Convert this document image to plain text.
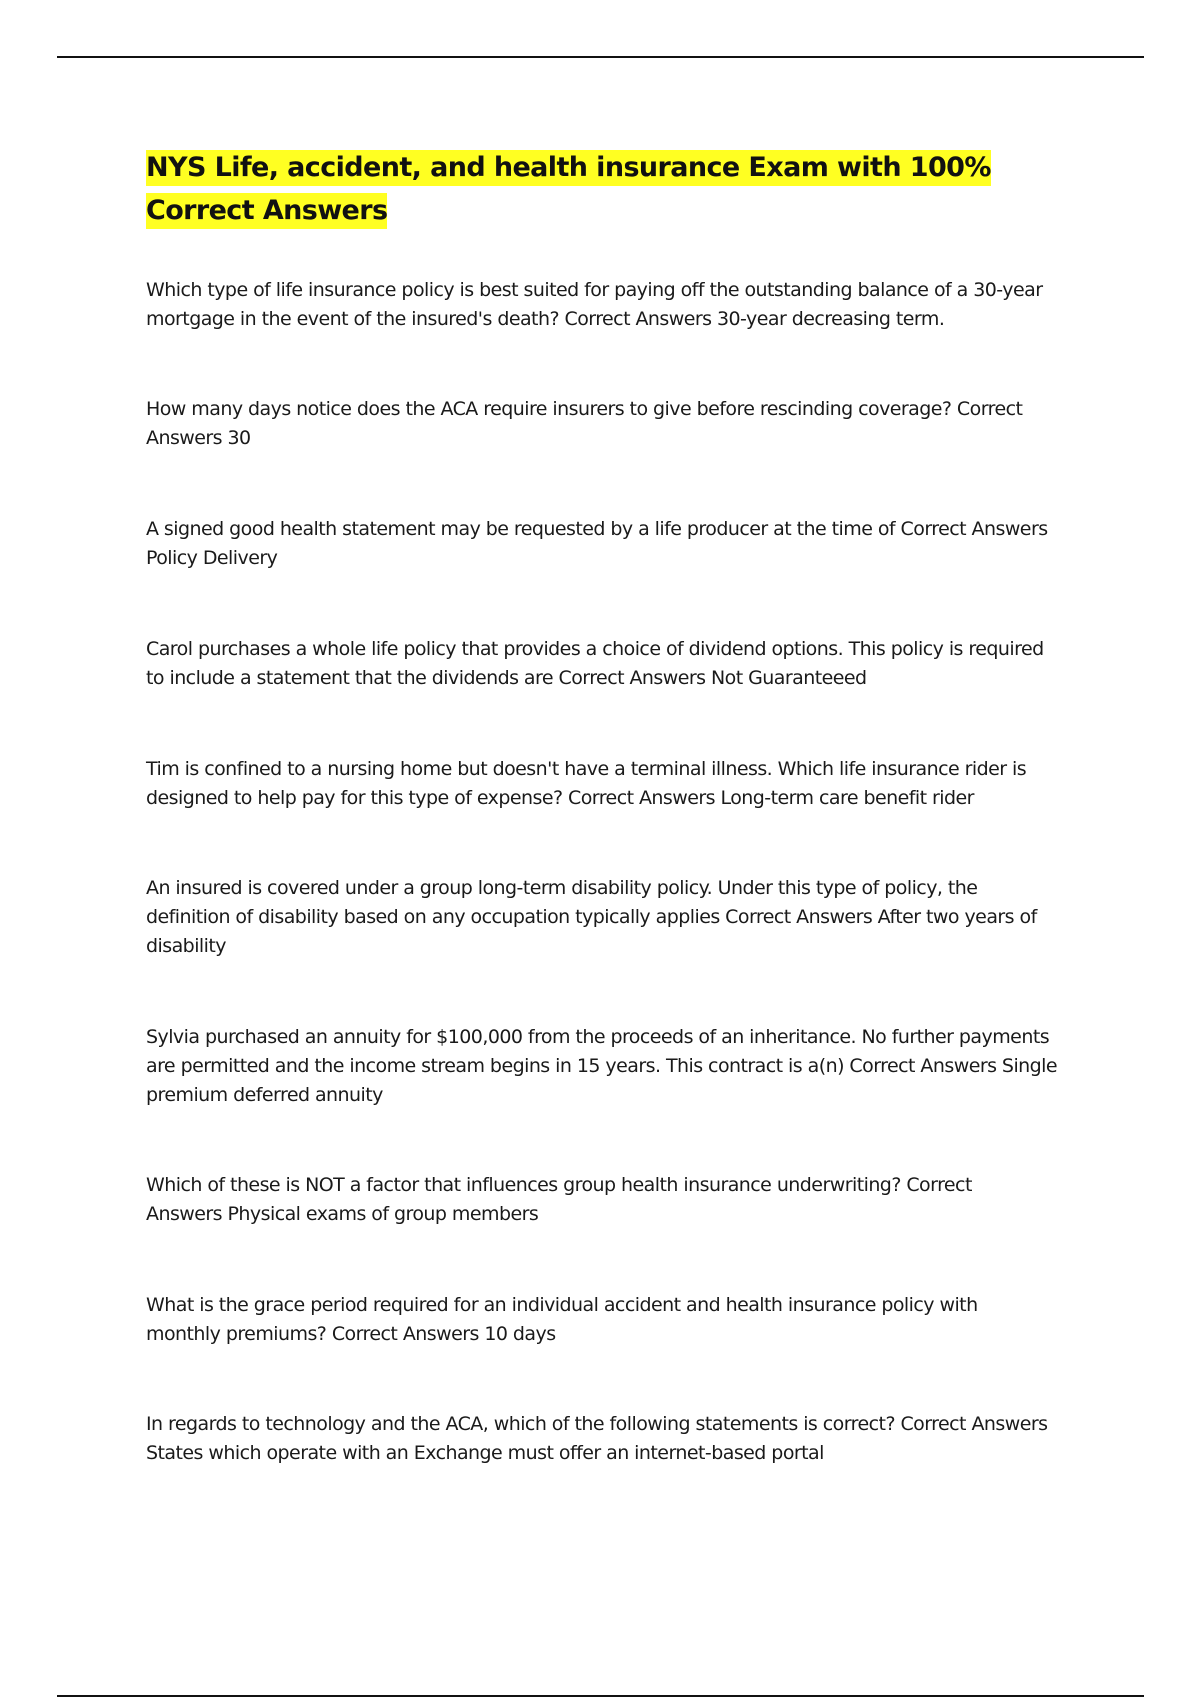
NYS Life, accident, and health insurance Exam with 100% Correct Answers

Which type of life insurance policy is best suited for paying off the outstanding balance of a 30-year mortgage in the event of the insured's death? Correct Answers 30-year decreasing term.

How many days notice does the ACA require insurers to give before rescinding coverage? Correct Answers 30

A signed good health statement may be requested by a life producer at the time of Correct Answers Policy Delivery

Carol purchases a whole life policy that provides a choice of dividend options. This policy is required to include a statement that the dividends are Correct Answers Not Guaranteeed

Tim is confined to a nursing home but doesn't have a terminal illness. Which life insurance rider is designed to help pay for this type of expense? Correct Answers Long-term care benefit rider

An insured is covered under a group long-term disability policy. Under this type of policy, the definition of disability based on any occupation typically applies Correct Answers After two years of disability

Sylvia purchased an annuity for $100,000 from the proceeds of an inheritance. No further payments are permitted and the income stream begins in 15 years. This contract is a(n) Correct Answers Single premium deferred annuity

Which of these is NOT a factor that influences group health insurance underwriting? Correct Answers Physical exams of group members

What is the grace period required for an individual accident and health insurance policy with monthly premiums? Correct Answers 10 days

In regards to technology and the ACA, which of the following statements is correct? Correct Answers States which operate with an Exchange must offer an internet-based portal
